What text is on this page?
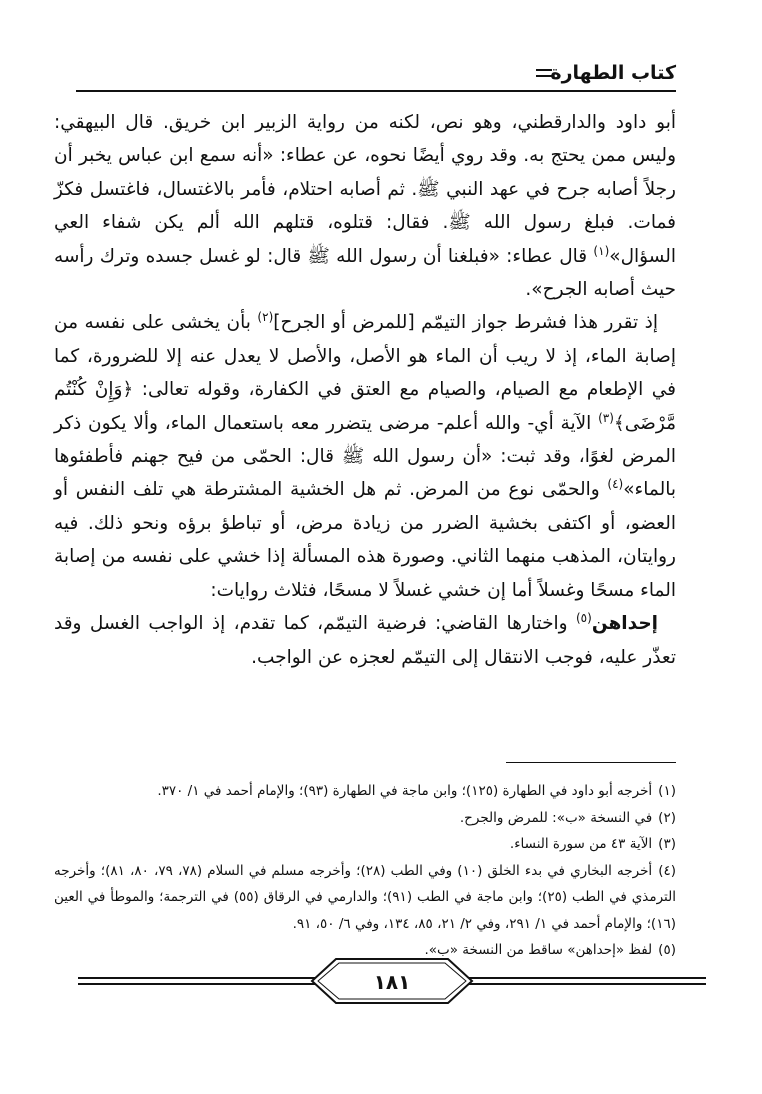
كتاب الطهارة

أبو داود والدارقطني، وهو نص، لكنه من رواية الزبير ابن خريق. قال البيهقي: وليس ممن يحتج به. وقد روي أيضًا نحوه، عن عطاء: «أنه سمع ابن عباس يخبر أن رجلاً أصابه جرح في عهد النبي ﷺ. ثم أصابه احتلام، فأمر بالاغتسال، فاغتسل فكزّ فمات. فبلغ رسول الله ﷺ. فقال: قتلوه، قتلهم الله ألم يكن شفاء العي السؤال»$^{(١)}$ قال عطاء: «فبلغنا أن رسول الله ﷺ قال: لو غسل جسده وترك رأسه حيث أصابه الجرح».

إذ تقرر هذا فشرط جواز التيمّم [للمرض أو الجرح]$^{(٢)}$ بأن يخشى على نفسه من إصابة الماء، إذ لا ريب أن الماء هو الأصل، والأصل لا يعدل عنه إلا للضرورة، كما في الإطعام مع الصيام، والصيام مع العتق في الكفارة، وقوله تعالى: ﴿وَإِنْ كُنْتُم مَّرْضَى﴾$^{(٣)}$ الآية أي- والله أعلم- مرضى يتضرر معه باستعمال الماء، وألا يكون ذكر المرض لغوًا، وقد ثبت: «أن رسول الله ﷺ قال: الحمّى من فيح جهنم فأطفئوها بالماء»$^{(٤)}$ والحمّى نوع من المرض. ثم هل الخشية المشترطة هي تلف النفس أو العضو، أو اكتفى بخشية الضرر من زيادة مرض، أو تباطؤ برؤه ونحو ذلك. فيه روايتان، المذهب منهما الثاني. وصورة هذه المسألة إذا خشي على نفسه من إصابة الماء مسحًا وغسلاً أما إن خشي غسلاً لا مسحًا، فثلاث روايات:

إحداهن$^{(٥)}$ واختارها القاضي: فرضية التيمّم، كما تقدم، إذ الواجب الغسل وقد تعذّر عليه، فوجب الانتقال إلى التيمّم لعجزه عن الواجب.

(١)أخرجه أبو داود في الطهارة (١٢٥)؛ وابن ماجة في الطهارة (٩٣)؛ والإمام أحمد في ١/ ٣٧٠.

(٢)في النسخة «ب»: للمرض والجرح.

(٣)الآية ٤٣ من سورة النساء.

(٤)أخرجه البخاري في بدء الخلق (١٠) وفي الطب (٢٨)؛ وأخرجه مسلم في السلام (٧٨، ٧٩، ٨٠، ٨١)؛ وأخرجه الترمذي في الطب (٢٥)؛ وابن ماجة في الطب (٩١)؛ والدارمي في الرقاق (٥٥) في الترجمة؛ والموطأ في العين (١٦)؛ والإمام أحمد في ١/ ٢٩١، وفي ٢/ ٢١، ٨٥، ١٣٤، وفي ٦/ ٥٠، ٩١.

(٥)لفظ «إحداهن» ساقط من النسخة «ب».

١٨١
